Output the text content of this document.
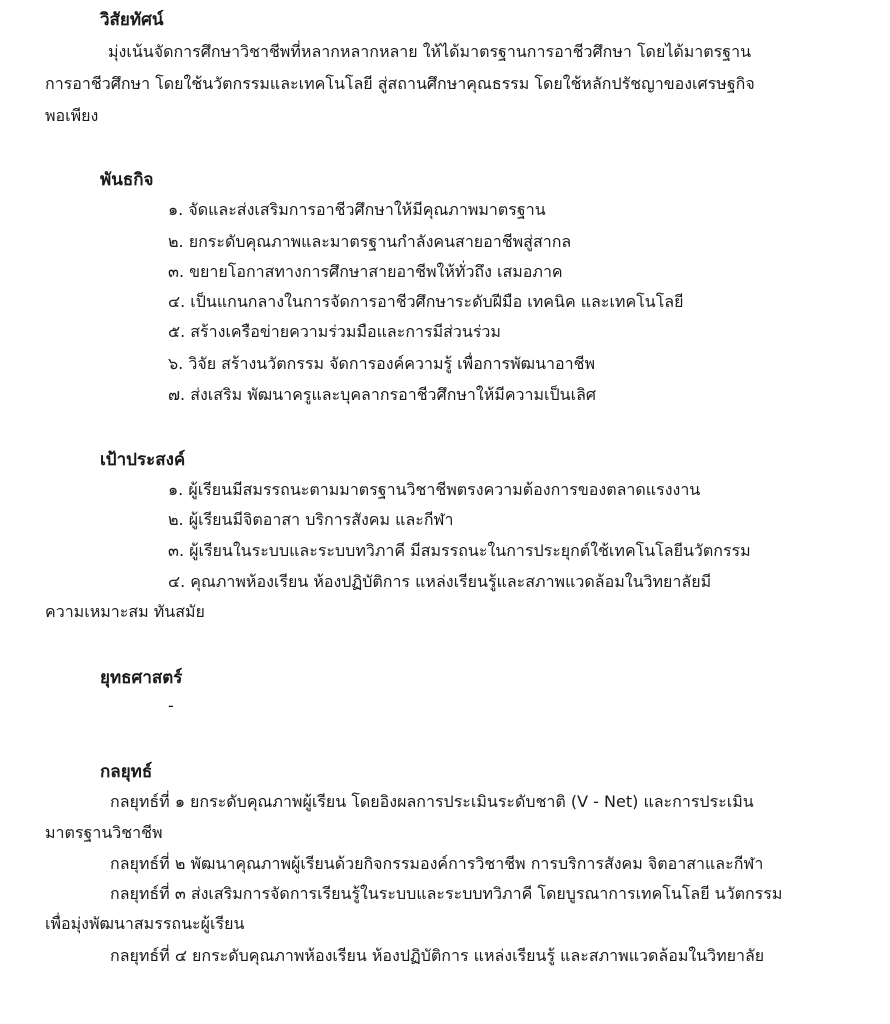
วิสัยทัศน์
มุ่งเน้นจัดการศึกษาวิชาชีพที่หลากหลากหลาย ให้ได้มาตรฐานการอาชีวศึกษา โดยได้มาตรฐาน
การอาชีวศึกษา โดยใช้นวัตกรรมและเทคโนโลยี สู่สถานศึกษาคุณธรรม โดยใช้หลักปรัชญาของเศรษฐกิจ
พอเพียง
พันธกิจ
๑. จัดและส่งเสริมการอาชีวศึกษาให้มีคุณภาพมาตรฐาน
๒. ยกระดับคุณภาพและมาตรฐานกำลังคนสายอาชีพสู่สากล
๓. ขยายโอกาสทางการศึกษาสายอาชีพให้ทั่วถึง เสมอภาค
๔. เป็นแกนกลางในการจัดการอาชีวศึกษาระดับฝีมือ เทคนิค และเทคโนโลยี
๕. สร้างเครือข่ายความร่วมมือและการมีส่วนร่วม
๖. วิจัย สร้างนวัตกรรม จัดการองค์ความรู้ เพื่อการพัฒนาอาชีพ
๗. ส่งเสริม พัฒนาครูและบุคลากรอาชีวศึกษาให้มีความเป็นเลิศ
เป้าประสงค์
๑. ผู้เรียนมีสมรรถนะตามมาตรฐานวิชาชีพตรงความต้องการของตลาดแรงงาน
๒. ผู้เรียนมีจิตอาสา บริการสังคม และกีฬา
๓. ผู้เรียนในระบบและระบบทวิภาคี มีสมรรถนะในการประยุกต์ใช้เทคโนโลยีนวัตกรรม
๔. คุณภาพห้องเรียน ห้องปฏิบัติการ แหล่งเรียนรู้และสภาพแวดล้อมในวิทยาลัยมี
ความเหมาะสม ทันสมัย
ยุทธศาสตร์
-
กลยุทธ์
กลยุทธ์ที่ ๑ ยกระดับคุณภาพผู้เรียน โดยอิงผลการประเมินระดับชาติ (V - Net) และการประเมิน
มาตรฐานวิชาชีพ
กลยุทธ์ที่ ๒ พัฒนาคุณภาพผู้เรียนด้วยกิจกรรมองค์การวิชาชีพ การบริการสังคม จิตอาสาและกีฬา
กลยุทธ์ที่ ๓ ส่งเสริมการจัดการเรียนรู้ในระบบและระบบทวิภาคี โดยบูรณาการเทคโนโลยี นวัตกรรม
เพื่อมุ่งพัฒนาสมรรถนะผู้เรียน
กลยุทธ์ที่ ๔ ยกระดับคุณภาพห้องเรียน ห้องปฏิบัติการ แหล่งเรียนรู้ และสภาพแวดล้อมในวิทยาลัย
